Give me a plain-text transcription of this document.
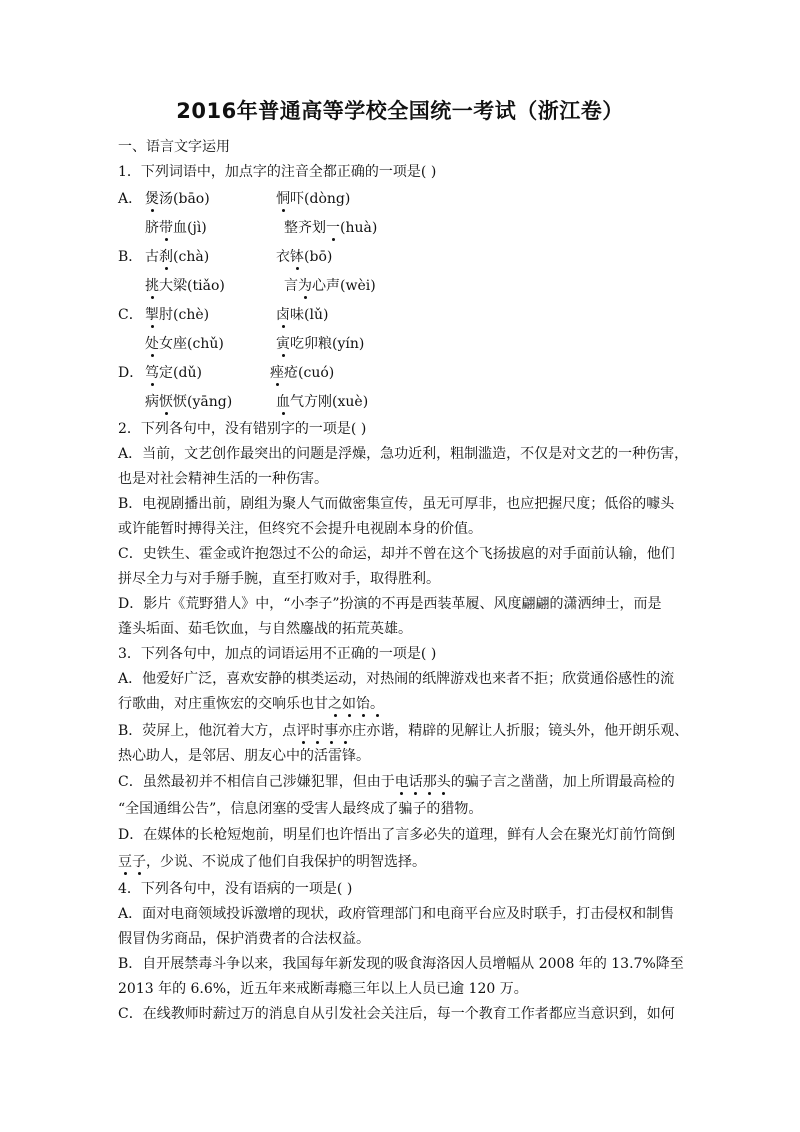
2016年普通高等学校全国统一考试（浙江卷）
一、语言文字运用
1．下列词语中，加点字的注音全都正确的一项是( )
A． 煲汤(bāo)	恫吓(dòng)
脐带血(jì)	整齐划一(huà)
B． 古刹(chà)	衣钵(bō)
挑大梁(tiǎo)	言为心声(wèi)
C． 掣肘(chè)	卤味(lǔ)
处女座(chǔ)	寅吃卯粮(yín)
D． 笃定(dǔ)	痤疮(cuó)
病恹恹(yāng)	血气方刚(xuè)
2．下列各句中，没有错别字的一项是( )
A．当前，文艺创作最突出的问题是浮燥，急功近利，粗制滥造，不仅是对文艺的一种伤害，
也是对社会精神生活的一种伤害。
B．电视剧播出前，剧组为聚人气而做密集宣传，虽无可厚非，也应把握尺度；低俗的噱头
或许能暂时搏得关注，但终究不会提升电视剧本身的价值。
C．史铁生、霍金或许抱怨过不公的命运，却并不曾在这个飞扬拔扈的对手面前认输，他们
拼尽全力与对手掰手腕，直至打败对手，取得胜利。
D．影片《荒野猎人》中，“小李子”扮演的不再是西装革履、风度翩翩的潇洒绅士，而是
蓬头垢面、茹毛饮血，与自然鏖战的拓荒英雄。
3．下列各句中，加点的词语运用不正确的一项是( )
A．他爱好广泛，喜欢安静的棋类运动，对热闹的纸牌游戏也来者不拒；欣赏通俗感性的流
行歌曲，对庄重恢宏的交响乐也甘之如饴。
B．荧屏上，他沉着大方，点评时事亦庄亦谐，精辟的见解让人折服；镜头外，他开朗乐观、
热心助人，是邻居、朋友心中的活雷锋。
C．虽然最初并不相信自己涉嫌犯罪，但由于电话那头的骗子言之凿凿，加上所谓最高检的
“全国通缉公告”，信息闭塞的受害人最终成了骗子的猎物。
D．在媒体的长枪短炮前，明星们也许悟出了言多必失的道理，鲜有人会在聚光灯前竹筒倒
豆子，少说、不说成了他们自我保护的明智选择。
4．下列各句中，没有语病的一项是( )
A．面对电商领域投诉激增的现状，政府管理部门和电商平台应及时联手，打击侵权和制售
假冒伪劣商品，保护消费者的合法权益。
B．自开展禁毒斗争以来，我国每年新发现的吸食海洛因人员增幅从 2008 年的 13.7%降至
2013 年的 6.6%，近五年来戒断毒瘾三年以上人员已逾 120 万。
C．在线教师时薪过万的消息自从引发社会关注后，每一个教育工作者都应当意识到，如何
